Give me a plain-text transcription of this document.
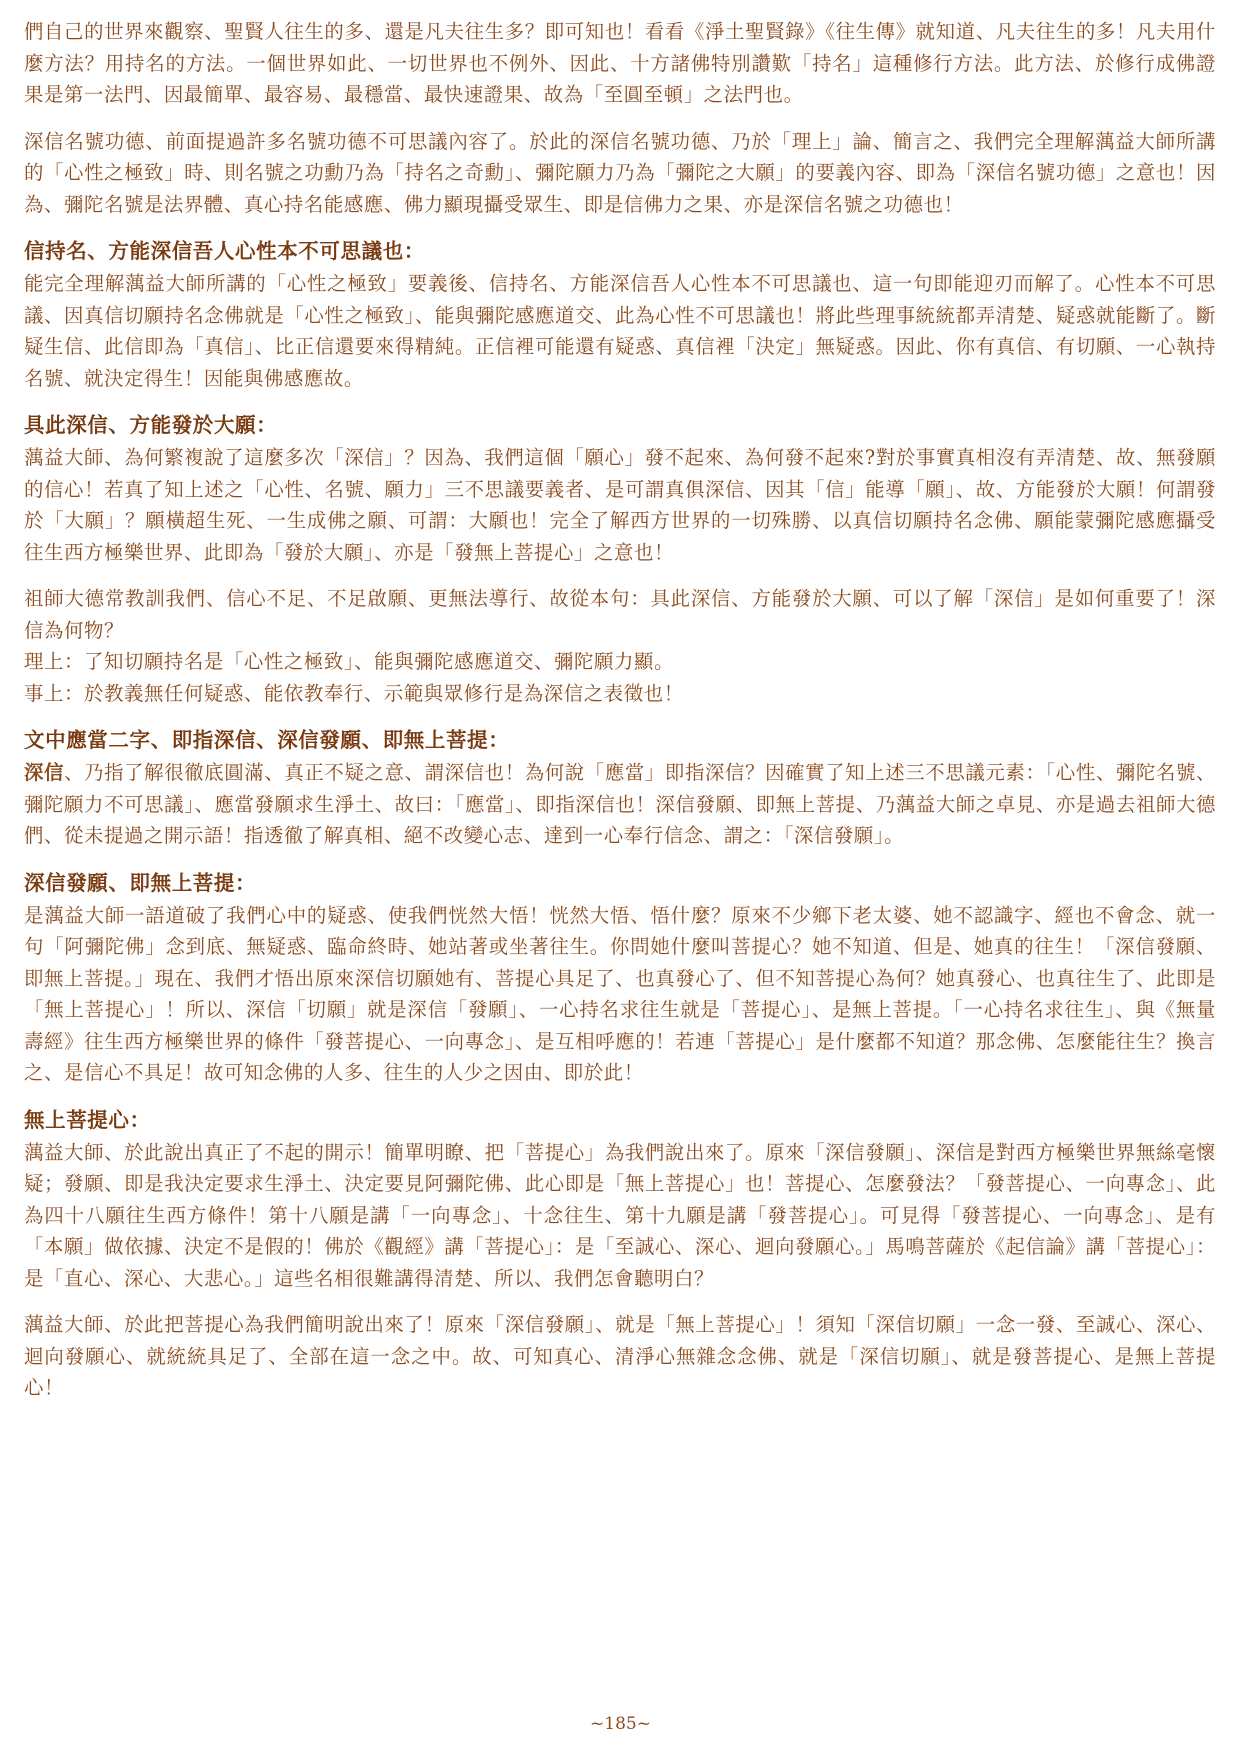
們自己的世界來觀察、聖賢人往生的多、還是凡夫往生多？即可知也！看看《淨土聖賢錄》《往生傳》就知道、凡夫往生的多！凡夫用什麼方法？用持名的方法。一個世界如此、一切世界也不例外、因此、十方諸佛特別讚歎「持名」這種修行方法。此方法、於修行成佛證果是第一法門、因最簡單、最容易、最穩當、最快速證果、故為「至圓至頓」之法門也。

深信名號功德、前面提過許多名號功德不可思議內容了。於此的深信名號功德、乃於「理上」論、簡言之、我們完全理解蕅益大師所講的「心性之極致」時、則名號之功勳乃為「持名之奇勳」、彌陀願力乃為「彌陀之大願」的要義內容、即為「深信名號功德」之意也！因為、彌陀名號是法界體、真心持名能感應、佛力顯現攝受眾生、即是信佛力之果、亦是深信名號之功德也！

信持名、方能深信吾人心性本不可思議也：

能完全理解蕅益大師所講的「心性之極致」要義後、信持名、方能深信吾人心性本不可思議也、這一句即能迎刃而解了。心性本不可思議、因真信切願持名念佛就是「心性之極致」、能與彌陀感應道交、此為心性不可思議也！將此些理事統統都弄清楚、疑惑就能斷了。斷疑生信、此信即為「真信」、比正信還要來得精純。正信裡可能還有疑惑、真信裡「決定」無疑惑。因此、你有真信、有切願、一心執持名號、就決定得生！因能與佛感應故。

具此深信、方能發於大願：

蕅益大師、為何繁複說了這麼多次「深信」？因為、我們這個「願心」發不起來、為何發不起來?對於事實真相沒有弄清楚、故、無發願的信心！若真了知上述之「心性、名號、願力」三不思議要義者、是可謂真俱深信、因其「信」能導「願」、故、方能發於大願！何謂發於「大願」？願橫超生死、一生成佛之願、可謂：大願也！完全了解西方世界的一切殊勝、以真信切願持名念佛、願能蒙彌陀感應攝受往生西方極樂世界、此即為「發於大願」、亦是「發無上菩提心」之意也！

祖師大德常教訓我們、信心不足、不足啟願、更無法導行、故從本句：具此深信、方能發於大願、可以了解「深信」是如何重要了！深信為何物？

理上：了知切願持名是「心性之極致」、能與彌陀感應道交、彌陀願力顯。

事上：於教義無任何疑惑、能依教奉行、示範與眾修行是為深信之表徵也！

文中應當二字、即指深信、深信發願、即無上菩提：

深信、乃指了解很徹底圓滿、真正不疑之意、謂深信也！為何說「應當」即指深信？因確實了知上述三不思議元素：「心性、彌陀名號、彌陀願力不可思議」、應當發願求生淨土、故曰：「應當」、即指深信也！深信發願、即無上菩提、乃蕅益大師之卓見、亦是過去祖師大德們、從未提過之開示語！指透徹了解真相、絕不改變心志、達到一心奉行信念、謂之：「深信發願」。

深信發願、即無上菩提：

是蕅益大師一語道破了我們心中的疑惑、使我們恍然大悟！恍然大悟、悟什麼？原來不少鄉下老太婆、她不認識字、經也不會念、就一句「阿彌陀佛」念到底、無疑惑、臨命終時、她站著或坐著往生。你問她什麼叫菩提心？她不知道、但是、她真的往生！「深信發願、即無上菩提。」現在、我們才悟出原來深信切願她有、菩提心具足了、也真發心了、但不知菩提心為何？她真發心、也真往生了、此即是「無上菩提心」！所以、深信「切願」就是深信「發願」、一心持名求往生就是「菩提心」、是無上菩提。「一心持名求往生」、與《無量壽經》往生西方極樂世界的條件「發菩提心、一向專念」、是互相呼應的！若連「菩提心」是什麼都不知道？那念佛、怎麼能往生？換言之、是信心不具足！故可知念佛的人多、往生的人少之因由、即於此！

無上菩提心：

蕅益大師、於此說出真正了不起的開示！簡單明瞭、把「菩提心」為我們說出來了。原來「深信發願」、深信是對西方極樂世界無絲毫懷疑；發願、即是我決定要求生淨土、決定要見阿彌陀佛、此心即是「無上菩提心」也！菩提心、怎麼發法？「發菩提心、一向專念」、此為四十八願往生西方條件！第十八願是講「一向專念」、十念往生、第十九願是講「發菩提心」。可見得「發菩提心、一向專念」、是有「本願」做依據、決定不是假的！佛於《觀經》講「菩提心」：是「至誠心、深心、迴向發願心。」馬鳴菩薩於《起信論》講「菩提心」：是「直心、深心、大悲心。」這些名相很難講得清楚、所以、我們怎會聽明白？

蕅益大師、於此把菩提心為我們簡明說出來了！原來「深信發願」、就是「無上菩提心」！須知「深信切願」一念一發、至誠心、深心、迴向發願心、就統統具足了、全部在這一念之中。故、可知真心、清淨心無雜念念佛、就是「深信切願」、就是發菩提心、是無上菩提心！

~185~
